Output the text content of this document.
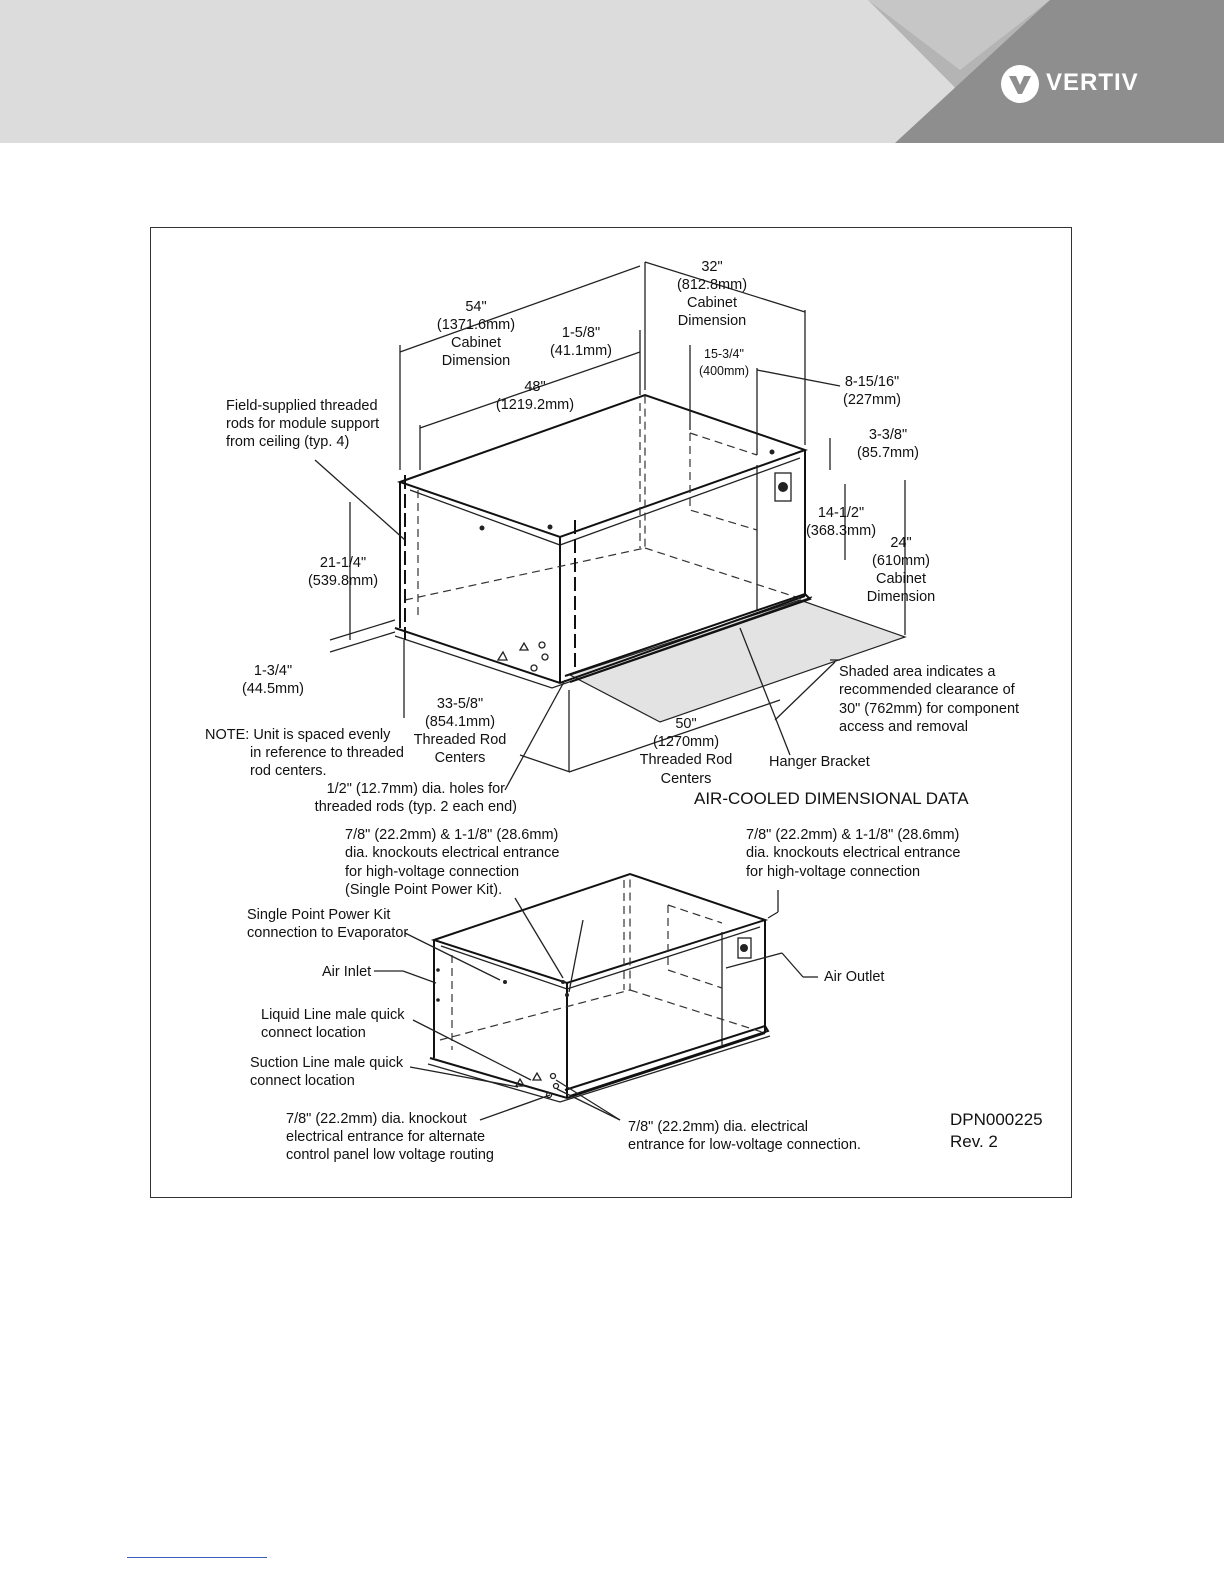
VERTIV
54"
(1371.6mm)
Cabinet
Dimension
32"
(812.8mm)
Cabinet
Dimension
1-5/8"
(41.1mm)	15-3/4"
(400mm)
48"
(1219.2mm)
8-15/16"
(227mm)
3-3/8"
(85.7mm)
14-1/2"
(368.3mm)
24"
(610mm)
Cabinet
Dimension
21-1/4"
(539.8mm)
1-3/4"
(44.5mm)
33-5/8"
(854.1mm)
Threaded Rod
Centers
50"
(1270mm)
Threaded Rod
Centers
Field-supplied threaded
rods for module support
from ceiling (typ. 4)
NOTE: Unit is spaced evenly
in reference to threaded
rod centers.
1/2" (12.7mm) dia. holes for
threaded rods (typ. 2 each end)
Shaded area indicates a
recommended clearance of
30" (762mm) for component
access and removal
Hanger Bracket
AIR-COOLED DIMENSIONAL DATA
7/8" (22.2mm) & 1-1/8" (28.6mm)
dia. knockouts electrical entrance
for high-voltage connection
(Single Point Power Kit).
7/8" (22.2mm) & 1-1/8" (28.6mm)
dia. knockouts electrical entrance
for high-voltage connection
Single Point Power Kit
connection to Evaporator
Air Inlet	Air Outlet
Liquid Line male quick
connect location
Suction Line male quick
connect location
7/8" (22.2mm) dia. knockout
electrical entrance for alternate
control panel low voltage routing
7/8" (22.2mm) dia. electrical
entrance for low-voltage connection.
DPN000225
Rev. 2
